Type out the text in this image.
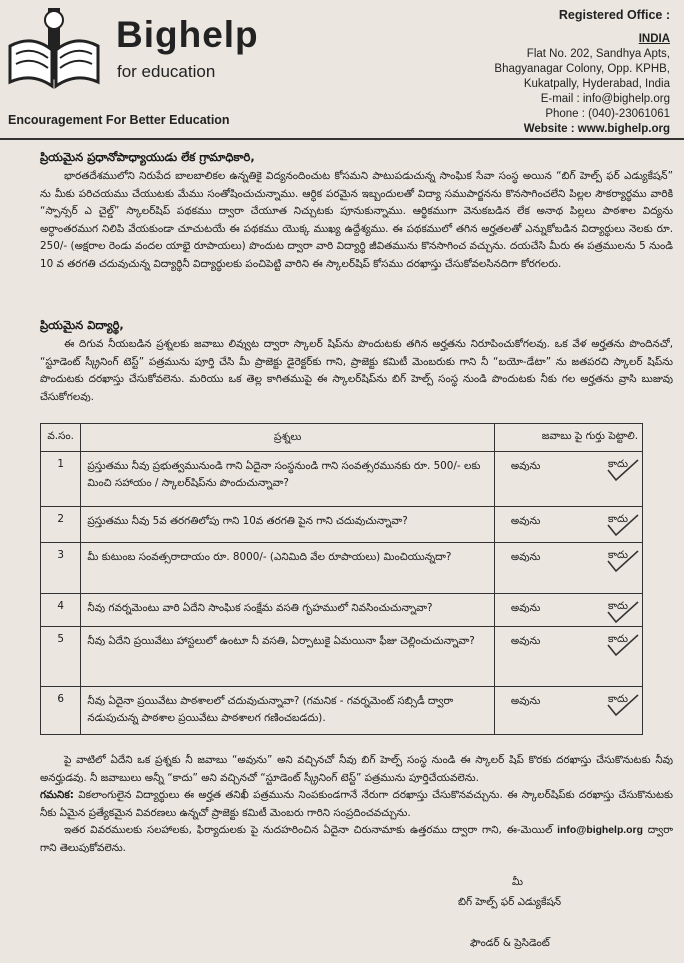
Bighelp
for education
Encouragement For Better Education
Registered Office :
INDIA
Flat No. 202, Sandhya Apts,
Bhagyanagar Colony, Opp. KPHB,
Kukatpally, Hyderabad, India
E-mail : info@bighelp.org
Phone : (040)-23061061
Website : www.bighelp.org
ప్రియమైన ప్రధానోపాధ్యాయుడు లేక గ్రామాధికారి,

భారతదేశములోని నిరుపేద బాలబాలికల ఉన్నతికై విద్యనందించుట కోసమని పాటుపడుచున్న సాంఘిక సేవా సంస్థ అయిన “బిగ్ హెల్ప్ ఫర్ ఎడ్యుకేషన్” ను మీకు పరిచయము చేయుటకు మేము సంతోషించుచున్నాము. ఆర్ధిక పరమైన ఇబ్బందులతో విద్యా సముపార్జనను కొనసాగించలేని పిల్లల సౌకర్యార్థము వారికి “స్పాన్సర్ ఎ చైల్డ్” స్కాలర్‌షిప్ పథకము ద్వారా చేయూత నిచ్చుటకు పూనుకున్నాము. ఆర్థికముగా వెనుకబడిన లేక అనాథ పిల్లలు పాఠశాల విద్యను అర్ధాంతరముగ నిలిపి వేయకుండా చూచుటయే ఈ పథకము యొక్క ముఖ్య ఉద్దేశ్యము. ఈ పథకములో తగిన అర్హతలతో ఎన్నుకోబడిన విద్యార్థులు నెలకు రూ. 250/- (అక్షరాల రెండు వందల యాభై రూపాయలు) పొందుట ద్వారా వారి విద్యార్థి జీవితమును కొనసాగించ వచ్చును. దయచేసి మీరు ఈ పత్రములను 5 నుండి 10 వ తరగతి చదువుచున్న విద్యార్థినీ విద్యార్థులకు పంచిపెట్టి వారిని ఈ స్కాలర్‌షిప్ కోసము దరఖాస్తు చేసుకోవలసినదిగా కోరగలరు.

ప్రియమైన విద్యార్థి,

ఈ దిగువ నీయబడిన ప్రశ్నలకు జవాబు లివ్వుట ద్వారా స్కాలర్ షిప్‌ను పొందుటకు తగిన అర్హతను నిరూపించుకోగలవు. ఒక వేళ అర్హతను పొందినచో, “స్టూడెంట్ స్క్రీనింగ్ టెస్ట్” పత్రమును పూర్తి చేసి మీ ప్రాజెక్టు డైరెక్టర్‌కు గాని, ప్రాజెక్టు కమిటీ మెంబరుకు గాని నీ “బయో-డేటా” ను జతపరచి స్కాలర్ షిప్‌ను పొందుటకు దరఖాస్తు చేసుకోవలెను. మరియు ఒక తెల్ల కాగితముపై ఈ స్కాలర్‌షిప్‌ను బిగ్ హెల్ప్ సంస్థ నుండి పొందుటకు నీకు గల అర్హతను వ్రాసి బుజువు చేసుకోగలవు.

వ.సం.	ప్రశ్నలు	జవాబు పై గుర్తు పెట్టాలి.
1	ప్రస్తుతము నీవు ప్రభుత్వమునుండి గాని ఏదైనా సంస్థనుండి గాని సంవత్సరమునకు రూ. 500/- లకు మించి సహాయం / స్కాలర్‌షిప్‌ను పొందుచున్నావా?	అవును కాదు

2	ప్రస్తుతము నీవు 5వ తరగతిలోపు గాని 10వ తరగతి పైన గాని చదువుచున్నావా?	అవును కాదు

3	మీ కుటుంబ సంవత్సరాదాయం రూ. 8000/- (ఎనిమిది వేల రూపాయలు) మించియున్నదా?	అవును కాదు

4	నీవు గవర్నమెంటు వారి ఏదేని సాంఘిక సంక్షేమ వసతి గృహములో నివసించుచున్నావా?	అవును కాదు

5	నీవు ఏదేని ప్రయివేటు హాస్టలులో ఉంటూ నీ వసతి, ఏర్పాటుకై ఏమయినా ఫీజు చెల్లించుచున్నావా?	అవును కాదు

6	నీవు ఏదైనా ప్రయివేటు పాఠశాలలో చదువుచున్నావా? (గమనిక - గవర్నమెంట్ సబ్సిడీ ద్వారా నడుపుచున్న పాఠశాల ప్రయివేటు పాఠశాలగ గణించబడదు).	అవును కాదు

పై వాటిలో ఏదేని ఒక ప్రశ్నకు నీ జవాబు “అవును” అని వచ్చినచో నీవు బిగ్ హెల్ప్ సంస్థ నుండి ఈ స్కాలర్ షిప్ కొరకు దరఖాస్తు చేసుకొనుటకు నీవు అనర్హుడవు. నీ జవాబులు అన్నీ “కాదు” అని వచ్చినచో “స్టూడెంట్ స్క్రీనింగ్ టెస్ట్” పత్రమును పూర్తిచేయవలెను.

గమనిక: వికలాంగులైన విద్యార్థులు ఈ అర్హత తనిఖీ పత్రమును నింపకుండగానే నేరుగా దరఖాస్తు చేసుకొనవచ్చును. ఈ స్కాలర్‌షిప్‌కు దరఖాస్తు చేసుకొనుటకు నీకు ఏమైన ప్రత్యేకమైన వివరణలు ఉన్నచో ప్రాజెక్టు కమిటీ మెంబరు గారిని సంప్రదించవచ్చును.

ఇతర వివరములకు సలహాలకు, ఫిర్యాదులకు పై నుదహరించిన ఏదైనా చిరునామాకు ఉత్తరము ద్వారా గాని, ఈ-మెయిల్ info@bighelp.org ద్వారా గాని తెలుపుకోవలెను.

మీ
బిగ్ హెల్ప్ ఫర్ ఎడ్యుకేషన్
ఫౌండర్ & ప్రెసిడెంట్
